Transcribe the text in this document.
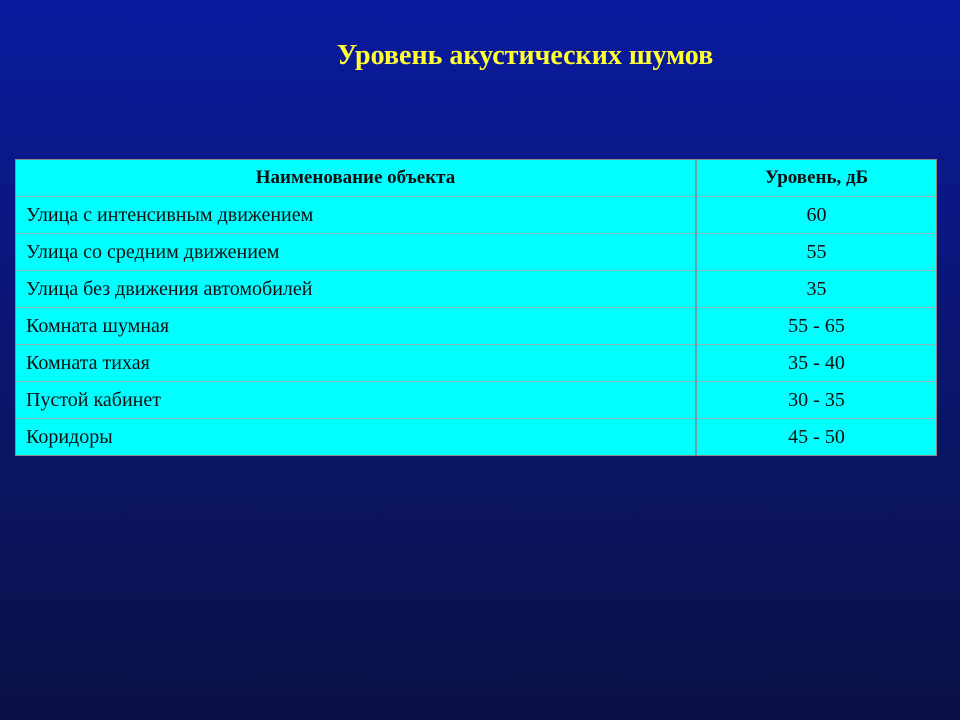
Уровень акустических шумов
Наименование объекта	Уровень, дБ
Улица с интенсивным движением	60
Улица со средним движением	55
Улица без движения автомобилей	35
Комната шумная	55 - 65
Комната тихая	35 - 40
Пустой кабинет	30 - 35
Коридоры	45 - 50
